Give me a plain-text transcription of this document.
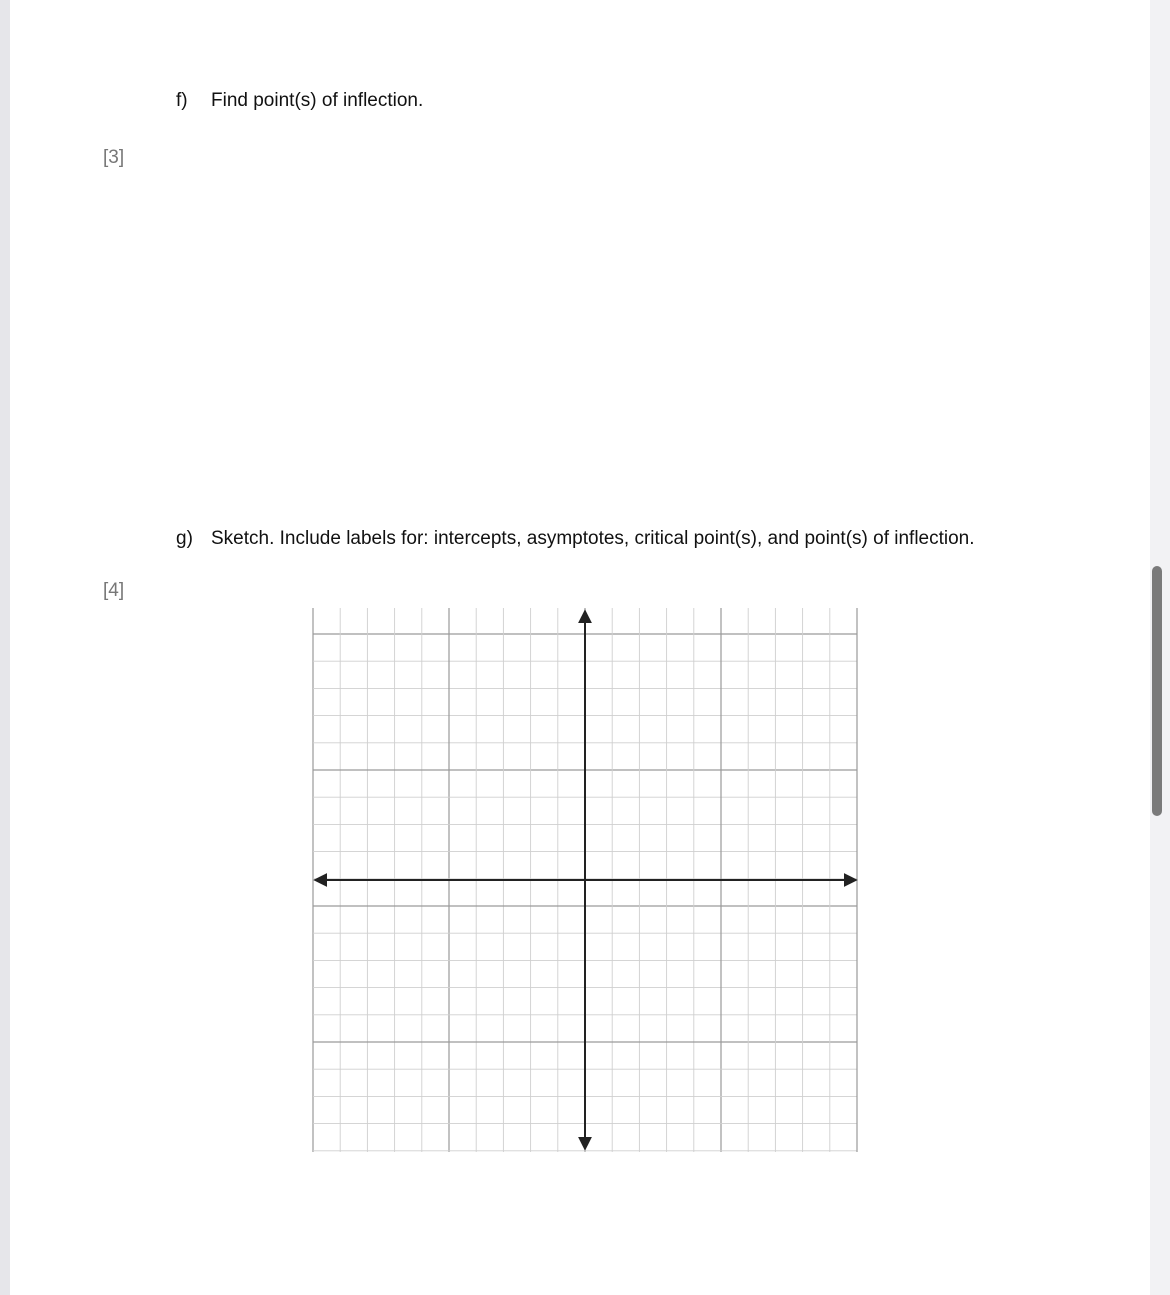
f) Find point(s) of inflection.
[3]
g) Sketch. Include labels for: intercepts, asymptotes, critical point(s), and point(s) of inflection.
[4]
